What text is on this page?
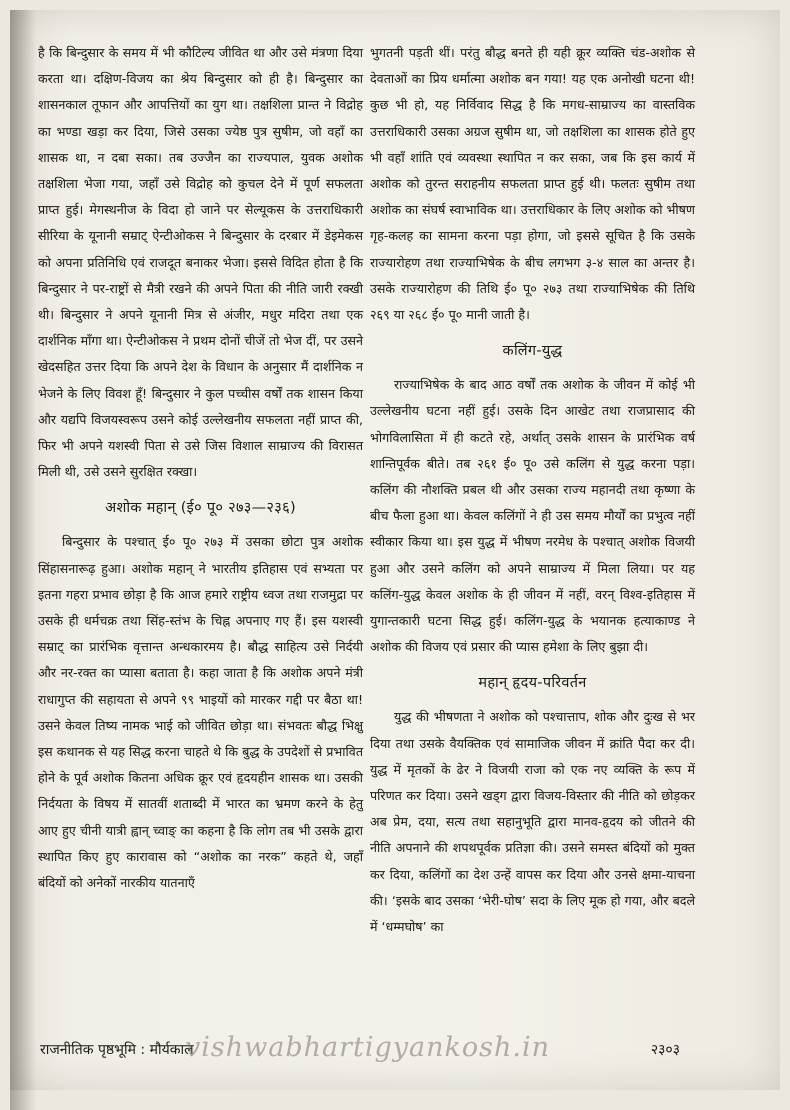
है कि बिन्दुसार के समय में भी कौटिल्य जीवित था और उसे मंत्रणा दिया करता था। दक्षिण-विजय का श्रेय बिन्दुसार को ही है। बिन्दुसार का शासनकाल तूफान और आपत्तियों का युग था। तक्षशिला प्रान्त ने विद्रोह का भण्डा खड़ा कर दिया, जिसे उसका ज्येष्ठ पुत्र सुषीम, जो वहाँ का शासक था, न दबा सका। तब उज्जैन का राज्यपाल, युवक अशोक तक्षशिला भेजा गया, जहाँ उसे विद्रोह को कुचल देने में पूर्ण सफलता प्राप्त हुई। मेगस्थनीज के विदा हो जाने पर सेल्यूकस के उत्तराधिकारी सीरिया के यूनानी सम्राट् ऐन्टीओकस ने बिन्दुसार के दरबार में डेइमेकस को अपना प्रतिनिधि एवं राजदूत बनाकर भेजा। इससे विदित होता है कि बिन्दुसार ने पर-राष्ट्रों से मैत्री रखने की अपने पिता की नीति जारी रक्खी थी। बिन्दुसार ने अपने यूनानी मित्र से अंजीर, मधुर मदिरा तथा एक दार्शनिक माँगा था। ऐन्टीओकस ने प्रथम दोनों चीजें तो भेज दीं, पर उसने खेदसहित उत्तर दिया कि अपने देश के विधान के अनुसार मैं दार्शनिक न भेजने के लिए विवश हूँ! बिन्दुसार ने कुल पच्चीस वर्षों तक शासन किया और यद्यपि विजयस्वरूप उसने कोई उल्लेखनीय सफलता नहीं प्राप्त की, फिर भी अपने यशस्वी पिता से उसे जिस विशाल साम्राज्य की विरासत मिली थी, उसे उसने सुरक्षित रक्खा।

अशोक महान् (ई० पू० २७३—२३६)

बिन्दुसार के पश्चात् ई० पू० २७३ में उसका छोटा पुत्र अशोक सिंहासनारूढ़ हुआ। अशोक महान् ने भारतीय इतिहास एवं सभ्यता पर इतना गहरा प्रभाव छोड़ा है कि आज हमारे राष्ट्रीय ध्वज तथा राजमुद्रा पर उसके ही धर्मचक्र तथा सिंह-स्तंभ के चिह्न अपनाए गए हैं। इस यशस्वी सम्राट् का प्रारंभिक वृत्तान्त अन्धकारमय है। बौद्ध साहित्य उसे निर्दयी और नर-रक्त का प्यासा बताता है। कहा जाता है कि अशोक अपने मंत्री राधागुप्त की सहायता से अपने ९९ भाइयों को मारकर गद्दी पर बैठा था! उसने केवल तिष्य नामक भाई को जीवित छोड़ा था। संभवतः बौद्ध भिक्षु इस कथानक से यह सिद्ध करना चाहते थे कि बुद्ध के उपदेशों से प्रभावित होने के पूर्व अशोक कितना अधिक क्रूर एवं हृदयहीन शासक था। उसकी निर्दयता के विषय में सातवीं शताब्दी में भारत का भ्रमण करने के हेतु आए हुए चीनी यात्री ह्वान् च्वाङ् का कहना है कि लोग तब भी उसके द्वारा स्थापित किए हुए कारावास को “अशोक का नरक” कहते थे, जहाँ बंदियों को अनेकों नारकीय यातनाएँ

भुगतनी पड़ती थीं। परंतु बौद्ध बनते ही यही क्रूर व्यक्ति चंड-अशोक से देवताओं का प्रिय धर्मात्मा अशोक बन गया! यह एक अनोखी घटना थी! कुछ भी हो, यह निर्विवाद सिद्ध है कि मगध-साम्राज्य का वास्तविक उत्तराधिकारी उसका अग्रज सुषीम था, जो तक्षशिला का शासक होते हुए भी वहाँ शांति एवं व्यवस्था स्थापित न कर सका, जब कि इस कार्य में अशोक को तुरन्त सराहनीय सफलता प्राप्त हुई थी। फलतः सुषीम तथा अशोक का संघर्ष स्वाभाविक था। उत्तराधिकार के लिए अशोक को भीषण गृह-कलह का सामना करना पड़ा होगा, जो इससे सूचित है कि उसके राज्यारोहण तथा राज्याभिषेक के बीच लगभग ३-४ साल का अन्तर है। उसके राज्यारोहण की तिथि ई० पू० २७३ तथा राज्याभिषेक की तिथि २६९ या २६८ ई० पू० मानी जाती है।

कलिंग-युद्ध

राज्याभिषेक के बाद आठ वर्षों तक अशोक के जीवन में कोई भी उल्लेखनीय घटना नहीं हुई। उसके दिन आखेट तथा राजप्रासाद की भोगविलासिता में ही कटते रहे, अर्थात् उसके शासन के प्रारंभिक वर्ष शान्तिपूर्वक बीते। तब २६१ ई० पू० उसे कलिंग से युद्ध करना पड़ा। कलिंग की नौशक्ति प्रबल थी और उसका राज्य महानदी तथा कृष्णा के बीच फैला हुआ था। केवल कलिंगों ने ही उस समय मौर्यों का प्रभुत्व नहीं स्वीकार किया था। इस युद्ध में भीषण नरमेध के पश्चात् अशोक विजयी हुआ और उसने कलिंग को अपने साम्राज्य में मिला लिया। पर यह कलिंग-युद्ध केवल अशोक के ही जीवन में नहीं, वरन् विश्व-इतिहास में युगान्तकारी घटना सिद्ध हुई। कलिंग-युद्ध के भयानक हत्याकाण्ड ने अशोक की विजय एवं प्रसार की प्यास हमेशा के लिए बुझा दी।

महान् हृदय-परिवर्तन

युद्ध की भीषणता ने अशोक को पश्चात्ताप, शोक और दुःख से भर दिया तथा उसके वैयक्तिक एवं सामाजिक जीवन में क्रांति पैदा कर दी। युद्ध में मृतकों के ढेर ने विजयी राजा को एक नए व्यक्ति के रूप में परिणत कर दिया। उसने खड्ग द्वारा विजय-विस्तार की नीति को छोड़कर अब प्रेम, दया, सत्य तथा सहानुभूति द्वारा मानव-हृदय को जीतने की नीति अपनाने की शपथपूर्वक प्रतिज्ञा की। उसने समस्त बंदियों को मुक्त कर दिया, कलिंगों का देश उन्हें वापस कर दिया और उनसे क्षमा-याचना की। ‘इसके बाद उसका ‘भेरी-घोष’ सदा के लिए मूक हो गया, और बदले में ‘धम्मघोष’ का

राजनीतिक पृष्ठभूमि : मौर्यकाल	२३०३
vishwabhartigyankosh.in
